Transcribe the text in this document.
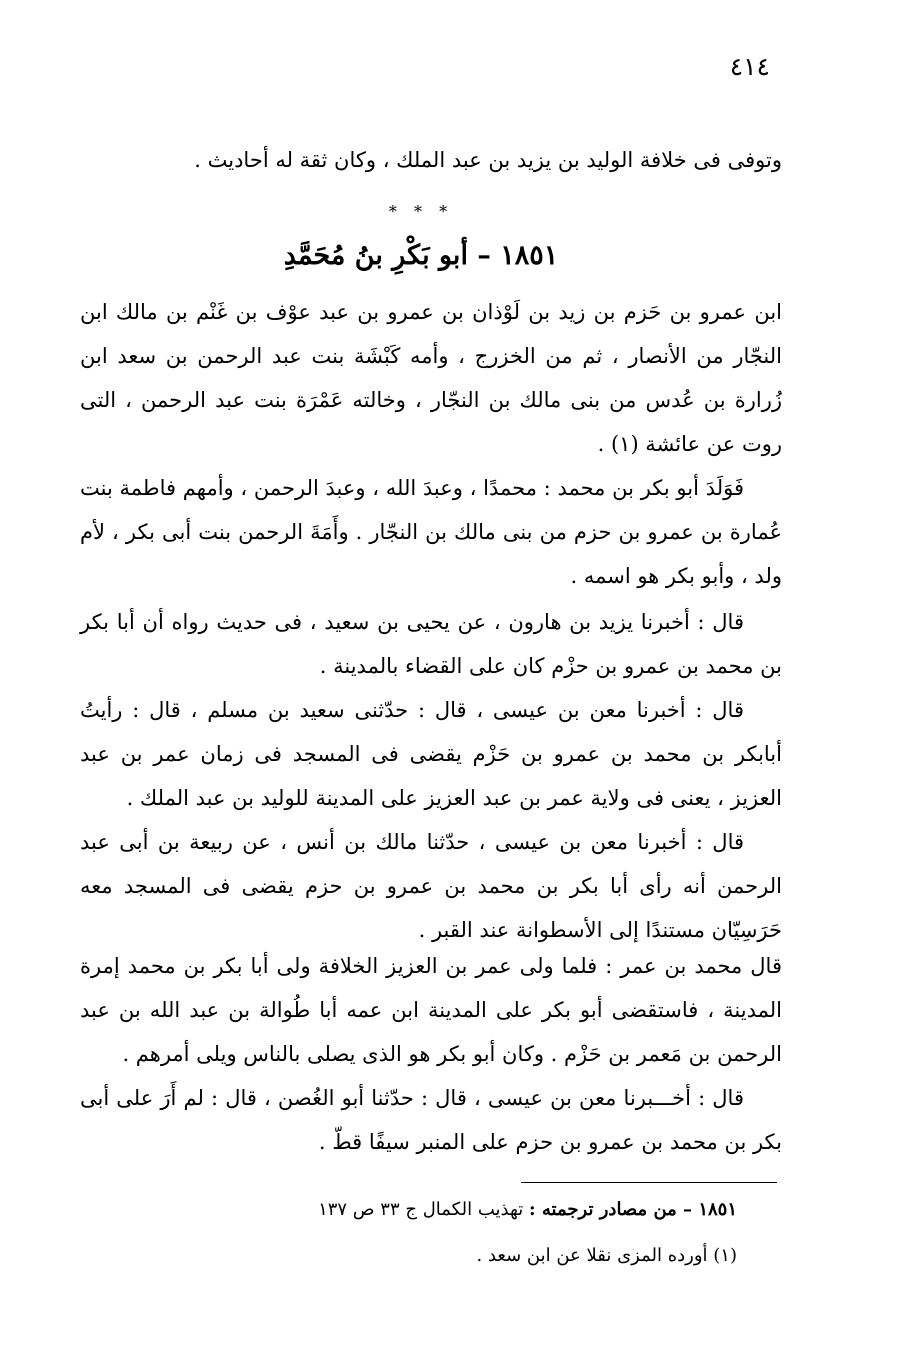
٤١٤
وتوفى فى خلافة الوليد بن يزيد بن عبد الملك ، وكان ثقة له أحاديث .
* * *
١٨٥١ – أبو بَكْرِ بنُ مُحَمَّدِ
ابن عمرو بن حَزم بن زيد بن لَوْذان بن عمرو بن عبد عوْف بن غَنْم بن مالك ابن النجّار من الأنصار ، ثم من الخزرج ، وأمه كَبْشَة بنت عبد الرحمن بن سعد ابن زُرارة بن عُدس من بنى مالك بن النجّار ، وخالته عَمْرَة بنت عبد الرحمن ، التى روت عن عائشة (١) .
فَوَلَدَ أبو بكر بن محمد : محمدًا ، وعبدَ الله ، وعبدَ الرحمن ، وأمهم فاطمة بنت عُمارة بن عمرو بن حزم من بنى مالك بن النجّار . وأَمَةَ الرحمن بنت أبى بكر ، لأم ولد ، وأبو بكر هو اسمه .
قال : أخبرنا يزيد بن هارون ، عن يحيى بن سعيد ، فى حديث رواه أن أبا بكر بن محمد بن عمرو بن حزْم كان على القضاء بالمدينة .
قال : أخبرنا معن بن عيسى ، قال : حدّثنى سعيد بن مسلم ، قال : رأيتُ أبابكر بن محمد بن عمرو بن حَزْم يقضى فى المسجد فى زمان عمر بن عبد العزيز ، يعنى فى ولاية عمر بن عبد العزيز على المدينة للوليد بن عبد الملك .
قال : أخبرنا معن بن عيسى ، حدّثنا مالك بن أنس ، عن ربيعة بن أبى عبد الرحمن أنه رأى أبا بكر بن محمد بن عمرو بن حزم يقضى فى المسجد معه حَرَسِيّان مستندًا إلى الأسطوانة عند القبر .
قال محمد بن عمر : فلما ولى عمر بن العزيز الخلافة ولى أبا بكر بن محمد إمرة المدينة ، فاستقضى أبو بكر على المدينة ابن عمه أبا طُوالة بن عبد الله بن عبد الرحمن بن مَعمر بن حَزْم . وكان أبو بكر هو الذى يصلى بالناس ويلى أمرهم .
قال : أخـــبرنا معن بن عيسى ، قال : حدّثنا أبو الغُصن ، قال : لم أَرَ على أبى بكر بن محمد بن عمرو بن حزم على المنبر سيفًا قطّ .
١٨٥١ – من مصادر ترجمته : تهذيب الكمال ج ٣٣ ص ١٣٧
(١) أورده المزى نقلا عن ابن سعد .
